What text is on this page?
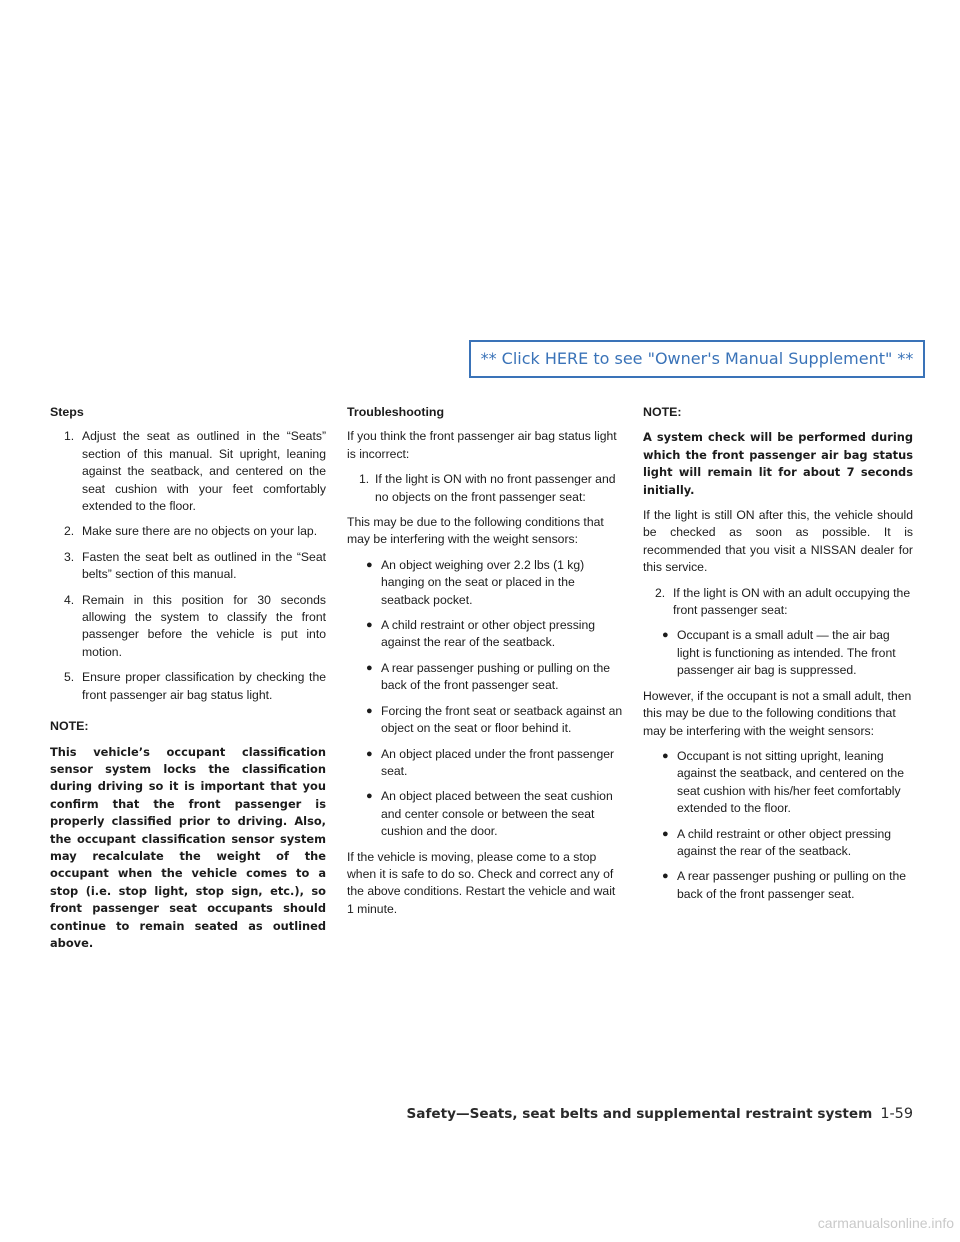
** Click HERE to see "Owner's Manual Supplement" **
Steps
1. Adjust the seat as outlined in the “Seats” section of this manual. Sit upright, leaning against the seatback, and centered on the seat cushion with your feet comfortably extended to the floor.
2. Make sure there are no objects on your lap.
3. Fasten the seat belt as outlined in the “Seat belts” section of this manual.
4. Remain in this position for 30 seconds allowing the system to classify the front passenger before the vehicle is put into motion.
5. Ensure proper classification by checking the front passenger air bag status light.
NOTE:

This vehicle’s occupant classification sensor system locks the classification during driving so it is important that you confirm that the front passenger is properly classified prior to driving. Also, the occupant classification sensor system may recalculate the weight of the occupant when the vehicle comes to a stop (i.e. stop light, stop sign, etc.), so front passenger seat occupants should continue to remain seated as outlined above.

Troubleshooting

If you think the front passenger air bag status light is incorrect:

1. If the light is ON with no front passenger and no objects on the front passenger seat:

This may be due to the following conditions that may be interfering with the weight sensors:

● An object weighing over 2.2 lbs (1 kg) hanging on the seat or placed in the seatback pocket.
● A child restraint or other object pressing against the rear of the seatback.
● A rear passenger pushing or pulling on the back of the front passenger seat.
● Forcing the front seat or seatback against an object on the seat or floor behind it.
● An object placed under the front passenger seat.
● An object placed between the seat cushion and center console or between the seat cushion and the door.

If the vehicle is moving, please come to a stop when it is safe to do so. Check and correct any of the above conditions. Restart the vehicle and wait 1 minute.

NOTE:

A system check will be performed during which the front passenger air bag status light will remain lit for about 7 seconds initially.

If the light is still ON after this, the vehicle should be checked as soon as possible. It is recommended that you visit a NISSAN dealer for this service.

2. If the light is ON with an adult occupying the front passenger seat:
● Occupant is a small adult — the air bag light is functioning as intended. The front passenger air bag is suppressed.

However, if the occupant is not a small adult, then this may be due to the following conditions that may be interfering with the weight sensors:

● Occupant is not sitting upright, leaning against the seatback, and centered on the seat cushion with his/her feet comfortably extended to the floor.
● A child restraint or other object pressing against the rear of the seatback.
● A rear passenger pushing or pulling on the back of the front passenger seat.
Safety—Seats, seat belts and supplemental restraint system 1-59
carmanualsonline.info
